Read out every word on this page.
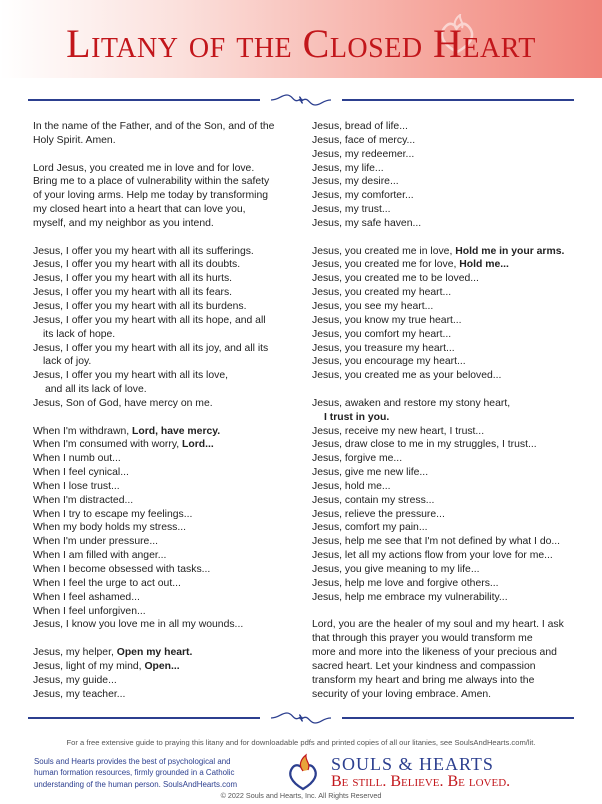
Litany of the Closed Heart
In the name of the Father, and of the Son, and of the
Holy Spirit. Amen.
Lord Jesus, you created me in love and for love.
Bring me to a place of vulnerability within the safety
of your loving arms. Help me today by transforming
my closed heart into a heart that can love you,
myself, and my neighbor as you intend.
Jesus, I offer you my heart with all its sufferings.
Jesus, I offer you my heart with all its doubts.
Jesus, I offer you my heart with all its hurts.
Jesus, I offer you my heart with all its fears.
Jesus, I offer you my heart with all its burdens.
Jesus, I offer you my heart with all its hope, and all
its lack of hope.
Jesus, I offer you my heart with all its joy, and all its
lack of joy.
Jesus, I offer you my heart with all its love,
and all its lack of love.
Jesus, Son of God, have mercy on me.
When I'm withdrawn, Lord, have mercy.
When I'm consumed with worry, Lord...
When I numb out...
When I feel cynical...
When I lose trust...
When I'm distracted...
When I try to escape my feelings...
When my body holds my stress...
When I'm under pressure...
When I am filled with anger...
When I become obsessed with tasks...
When I feel the urge to act out...
When I feel ashamed...
When I feel unforgiven...
Jesus, I know you love me in all my wounds...
Jesus, my helper, Open my heart.
Jesus, light of my mind, Open...
Jesus, my guide...
Jesus, my teacher...
Jesus, bread of life...
Jesus, face of mercy...
Jesus, my redeemer...
Jesus, my life...
Jesus, my desire...
Jesus, my comforter...
Jesus, my trust...
Jesus, my safe haven...
Jesus, you created me in love, Hold me in your arms.
Jesus, you created me for love, Hold me...
Jesus, you created me to be loved...
Jesus, you created my heart...
Jesus, you see my heart...
Jesus, you know my true heart...
Jesus, you comfort my heart...
Jesus, you treasure my heart...
Jesus, you encourage my heart...
Jesus, you created me as your beloved...
Jesus, awaken and restore my stony heart,
I trust in you.
Jesus, receive my new heart, I trust...
Jesus, draw close to me in my struggles, I trust...
Jesus, forgive me...
Jesus, give me new life...
Jesus, hold me...
Jesus, contain my stress...
Jesus, relieve the pressure...
Jesus, comfort my pain...
Jesus, help me see that I'm not defined by what I do...
Jesus, let all my actions flow from your love for me...
Jesus, you give meaning to my life...
Jesus, help me love and forgive others...
Jesus, help me embrace my vulnerability...
Lord, you are the healer of my soul and my heart. I ask
that through this prayer you would transform me
more and more into the likeness of your precious and
sacred heart. Let your kindness and compassion
transform my heart and bring me always into the
security of your loving embrace. Amen.
For a free extensive guide to praying this litany and for downloadable pdfs and printed copies of all our litanies, see SoulsAndHearts.com/lit.
Souls and Hearts provides the best of psychological and
human formation resources, firmly grounded in a Catholic
understanding of the human person. SoulsAndHearts.com
SOULS & HEARTS
Be still. Believe. Be loved.
© 2022 Souls and Hearts, Inc. All Rights Reserved
